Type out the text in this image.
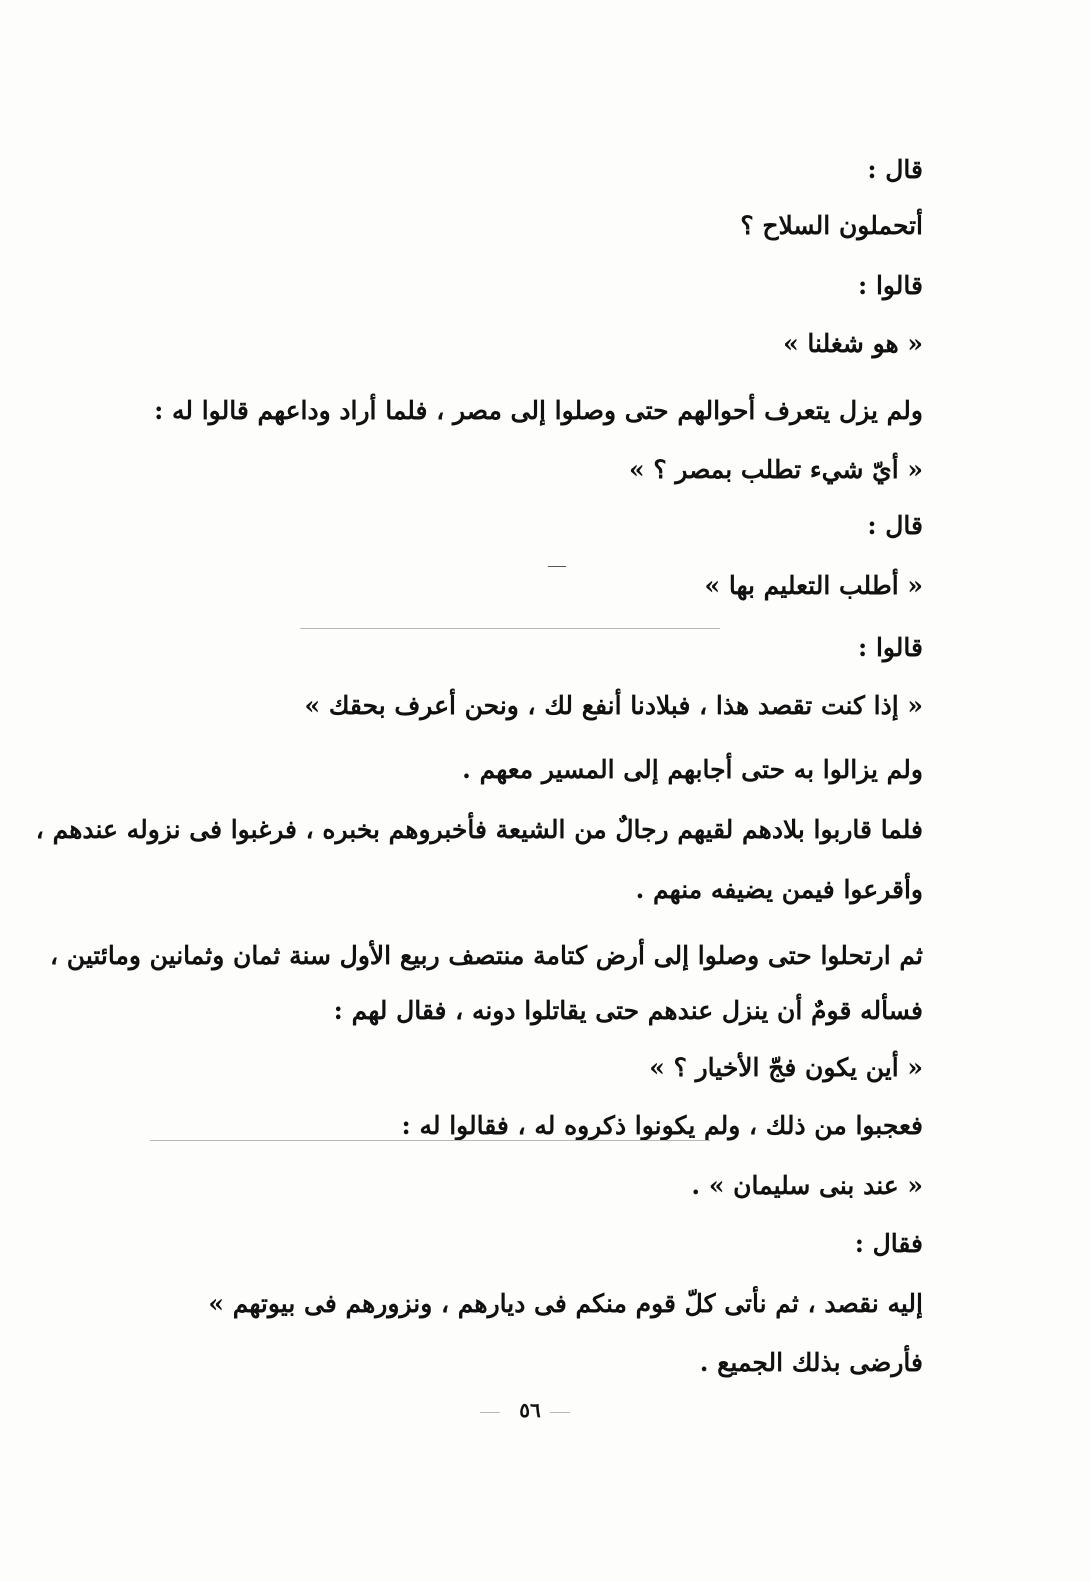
قال :
أتحملون السلاح ؟
قالوا :
« هو شغلنا »
ولم يزل يتعرف أحوالهم حتى وصلوا إلى مصر ، فلما أراد وداعهم قالوا له :
« أيّ شيء تطلب بمصر ؟ »
قال :
« أطلب التعليم بها »
قالوا :
« إذا كنت تقصد هذا ، فبلادنا أنفع لك ، ونحن أعرف بحقك »
ولم يزالوا به حتى أجابهم إلى المسير معهم .
فلما قاربوا بلادهم لقيهم رجالٌ من الشيعة فأخبروهم بخبره ، فرغبوا فى نزوله عندهم ،
وأقرعوا فيمن يضيفه منهم .
ثم ارتحلوا حتى وصلوا إلى أرض كتامة منتصف ربيع الأول سنة ثمان وثمانين ومائتين ،
فسأله قومٌ أن ينزل عندهم حتى يقاتلوا دونه ، فقال لهم :
« أين يكون فجّ الأخيار ؟ »
فعجبوا من ذلك ، ولم يكونوا ذكروه له ، فقالوا له :
« عند بنى سليمان » .
فقال :
إليه نقصد ، ثم نأتى كلّ قوم منكم فى ديارهم ، ونزورهم فى بيوتهم »
فأرضى بذلك الجميع .
٥٦
